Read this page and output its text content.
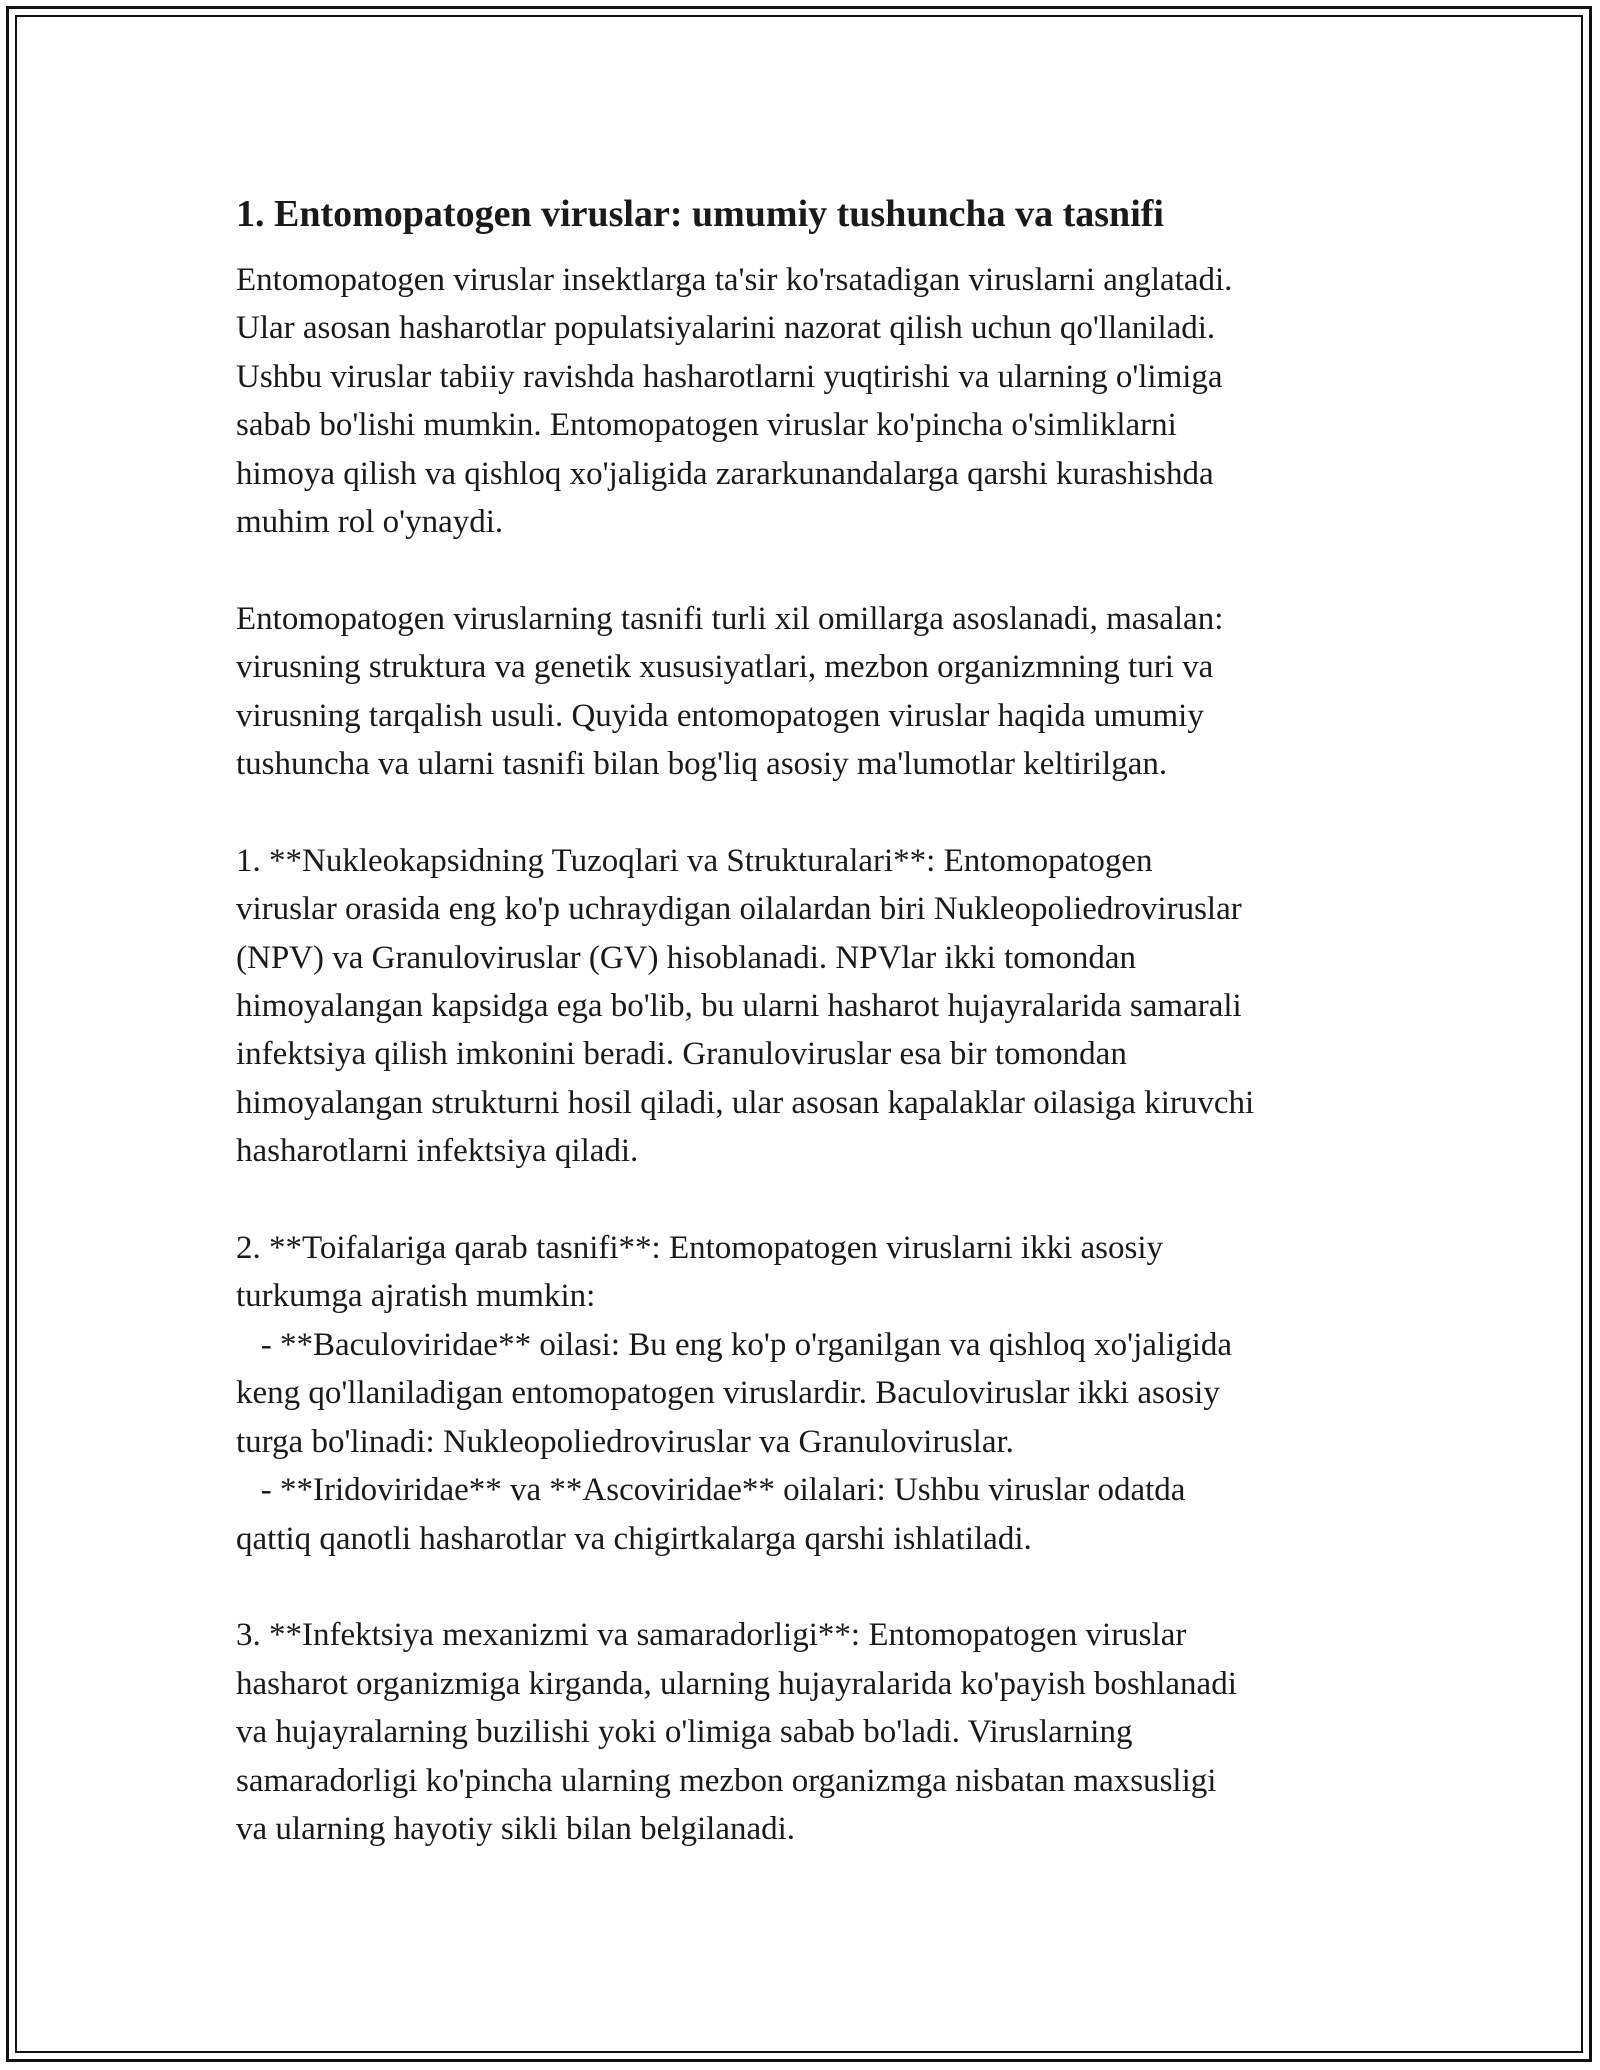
1. Entomopatogen viruslar: umumiy tushuncha va tasnifi

Entomopatogen viruslar insektlarga ta'sir ko'rsatadigan viruslarni anglatadi.
Ular asosan hasharotlar populatsiyalarini nazorat qilish uchun qo'llaniladi.
Ushbu viruslar tabiiy ravishda hasharotlarni yuqtirishi va ularning o'limiga
sabab bo'lishi mumkin. Entomopatogen viruslar ko'pincha o'simliklarni
himoya qilish va qishloq xo'jaligida zararkunandalarga qarshi kurashishda
muhim rol o'ynaydi.

Entomopatogen viruslarning tasnifi turli xil omillarga asoslanadi, masalan:
virusning struktura va genetik xususiyatlari, mezbon organizmning turi va
virusning tarqalish usuli. Quyida entomopatogen viruslar haqida umumiy
tushuncha va ularni tasnifi bilan bog'liq asosiy ma'lumotlar keltirilgan.

1. **Nukleokapsidning Tuzoqlari va Strukturalari**: Entomopatogen
viruslar orasida eng ko'p uchraydigan oilalardan biri Nukleopoliedroviruslar
(NPV) va Granuloviruslar (GV) hisoblanadi. NPVlar ikki tomondan
himoyalangan kapsidga ega bo'lib, bu ularni hasharot hujayralarida samarali
infektsiya qilish imkonini beradi. Granuloviruslar esa bir tomondan
himoyalangan strukturni hosil qiladi, ular asosan kapalaklar oilasiga kiruvchi
hasharotlarni infektsiya qiladi.

2. **Toifalariga qarab tasnifi**: Entomopatogen viruslarni ikki asosiy
turkumga ajratish mumkin:
- **Baculoviridae** oilasi: Bu eng ko'p o'rganilgan va qishloq xo'jaligida
keng qo'llaniladigan entomopatogen viruslardir. Baculoviruslar ikki asosiy
turga bo'linadi: Nukleopoliedroviruslar va Granuloviruslar.
- **Iridoviridae** va **Ascoviridae** oilalari: Ushbu viruslar odatda
qattiq qanotli hasharotlar va chigirtkalarga qarshi ishlatiladi.

3. **Infektsiya mexanizmi va samaradorligi**: Entomopatogen viruslar
hasharot organizmiga kirganda, ularning hujayralarida ko'payish boshlanadi
va hujayralarning buzilishi yoki o'limiga sabab bo'ladi. Viruslarning
samaradorligi ko'pincha ularning mezbon organizmga nisbatan maxsusligi
va ularning hayotiy sikli bilan belgilanadi.
